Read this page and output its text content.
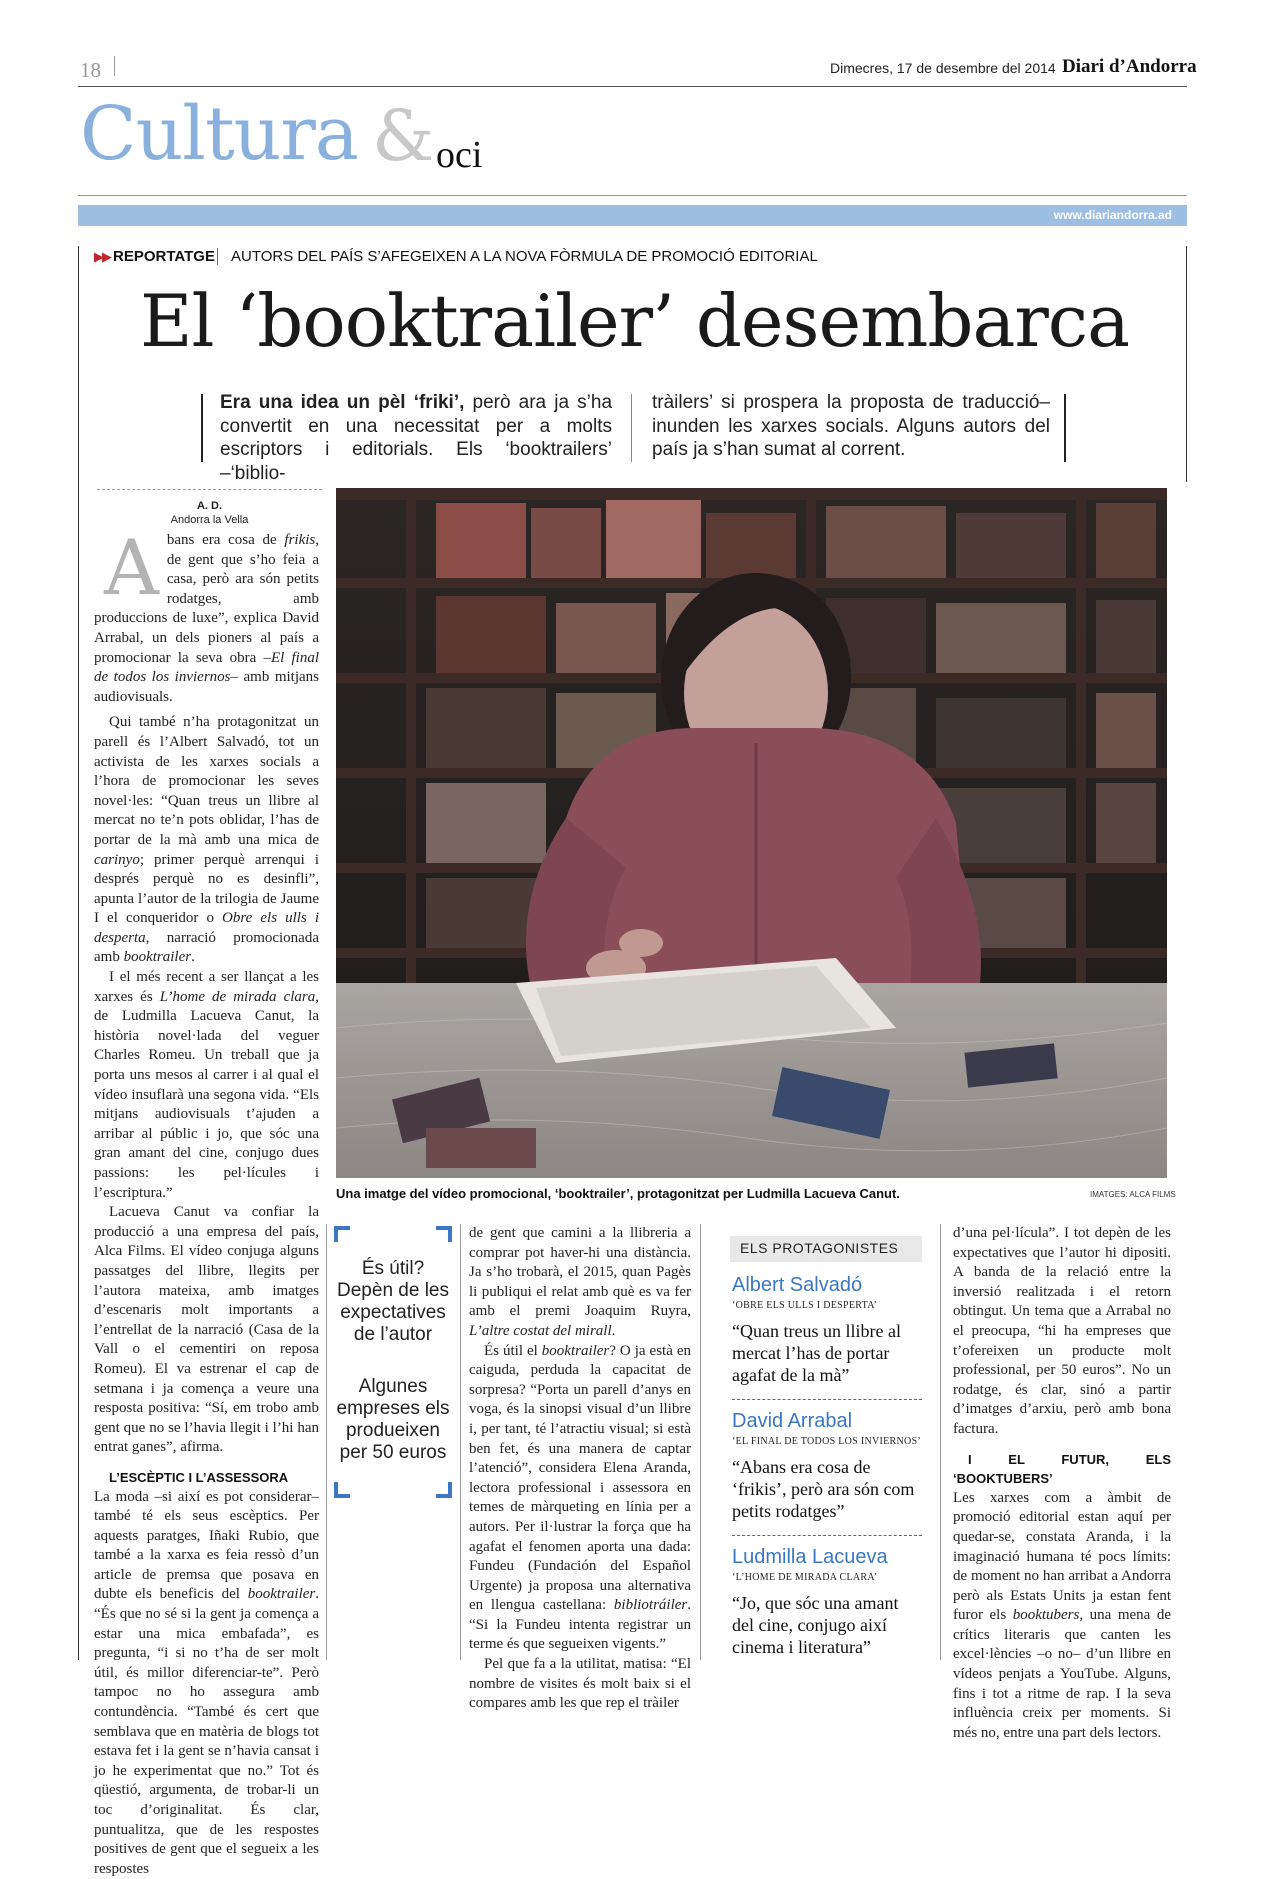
18	Dimecres, 17 de desembre del 2014 Diari d’Andorra
Cultura & oci
www.diariandorra.ad
▶▶ REPORTATGE AUTORS DEL PAÍS S’AFEGEIXEN A LA NOVA FÒRMULA DE PROMOCIÓ EDITORIAL
El ‘booktrailer’ desembarca
Era una idea un pèl ‘friki’, però ara ja s’ha convertit en una necessitat per a molts escriptors i editorials. Els ‘booktrailers’ –‘biblio-
tràilers’ si prospera la proposta de traducció– inunden les xarxes socials. Alguns autors del país ja s’han sumat al corrent.
A. D.
Andorra la Vella

Abans era cosa de frikis, de gent que s’ho feia a casa, però ara són petits rodatges, amb produccions de luxe”, explica David Arrabal, un dels pioners al país a promocionar la seva obra –El final de todos los inviernos– amb mitjans audiovisuals.

Qui també n’ha protagonitzat un parell és l’Albert Salvadó, tot un activista de les xarxes socials a l’hora de promocionar les seves novel·les: “Quan treus un llibre al mercat no te’n pots oblidar, l’has de portar de la mà amb una mica de carinyo; primer perquè arrenqui i després perquè no es desinfli”, apunta l’autor de la trilogia de Jaume I el conqueridor o Obre els ulls i desperta, narració promocionada amb booktrailer.

I el més recent a ser llançat a les xarxes és L’home de mirada clara, de Ludmilla Lacueva Canut, la història novel·lada del veguer Charles Romeu. Un treball que ja porta uns mesos al carrer i al qual el vídeo insuflarà una segona vida. “Els mitjans audiovisuals t’ajuden a arribar al públic i jo, que sóc una gran amant del cine, conjugo dues passions: les pel·lícules i l’escriptura.”

Lacueva Canut va confiar la producció a una empresa del país, Alca Films. El vídeo conjuga alguns passatges del llibre, llegits per l’autora mateixa, amb imatges d’escenaris molt importants a l’entrellat de la narració (Casa de la Vall o el cementiri on reposa Romeu). El va estrenar el cap de setmana i ja comença a veure una resposta positiva: “Sí, em trobo amb gent que no se l’havia llegit i l’hi han entrat ganes”, afirma.

L’ESCÈPTIC I L’ASSESSORA

La moda –si així es pot considerar– també té els seus escèptics. Per aquests paratges, Iñaki Rubio, que també a la xarxa es feia ressò d’un article de premsa que posava en dubte els beneficis del booktrailer. “És que no sé si la gent ja comença a estar una mica embafada”, es pregunta, “i si no t’ha de ser molt útil, és millor diferenciar-te”. Però tampoc no ho assegura amb contundència. “També és cert que semblava que en matèria de blogs tot estava fet i la gent se n’havia cansat i jo he experimentat que no.” Tot és qüestió, argumenta, de trobar-li un toc d’originalitat. És clar, puntualitza, que de les respostes positives de gent que el segueix a les respostes

Una imatge del vídeo promocional, ‘booktrailer’, protagonitzat per Ludmilla Lacueva Canut.	IMATGES: ALCA FILMS
És útil? Depèn de les expectatives de l’autor
Algunes empreses els produeixen per 50 euros

de gent que camini a la llibreria a comprar pot haver-hi una distància. Ja s’ho trobarà, el 2015, quan Pagès li publiqui el relat amb què es va fer amb el premi Joaquim Ruyra, L’altre costat del mirall.

És útil el booktrailer? O ja està en caiguda, perduda la capacitat de sorpresa? “Porta un parell d’anys en voga, és la sinopsi visual d’un llibre i, per tant, té l’atractiu visual; si està ben fet, és una manera de captar l’atenció”, considera Elena Aranda, lectora professional i assessora en temes de màrqueting en línia per a autors. Per il·lustrar la força que ha agafat el fenomen aporta una dada: Fundeu (Fundación del Español Urgente) ja proposa una alternativa en llengua castellana: bibliotráiler. “Si la Fundeu intenta registrar un terme és que segueixen vigents.”

Pel que fa a la utilitat, matisa: “El nombre de visites és molt baix si el compares amb les que rep el tràiler

ELS PROTAGONISTES
Albert Salvadó
‘OBRE ELS ULLS I DESPERTA’
“Quan treus un llibre al mercat l’has de portar agafat de la mà”
David Arrabal
‘EL FINAL DE TODOS LOS INVIERNOS’
“Abans era cosa de ‘frikis’, però ara són com petits rodatges”
Ludmilla Lacueva
‘L’HOME DE MIRADA CLARA’
“Jo, que sóc una amant del cine, conjugo així cinema i literatura”

d’una pel·lícula”. I tot depèn de les expectatives que l’autor hi dipositi. A banda de la relació entre la inversió realitzada i el retorn obtingut. Un tema que a Arrabal no el preocupa, “hi ha empreses que t’ofereixen un producte molt professional, per 50 euros”. No un rodatge, és clar, sinó a partir d’imatges d’arxiu, però amb bona factura.

I EL FUTUR, ELS ‘BOOKTUBERS’

Les xarxes com a àmbit de promoció editorial estan aquí per quedar-se, constata Aranda, i la imaginació humana té pocs límits: de moment no han arribat a Andorra però als Estats Units ja estan fent furor els booktubers, una mena de crítics literaris que canten les excel·lències –o no– d’un llibre en vídeos penjats a YouTube. Alguns, fins i tot a ritme de rap. I la seva influència creix per moments. Si més no, entre una part dels lectors.
